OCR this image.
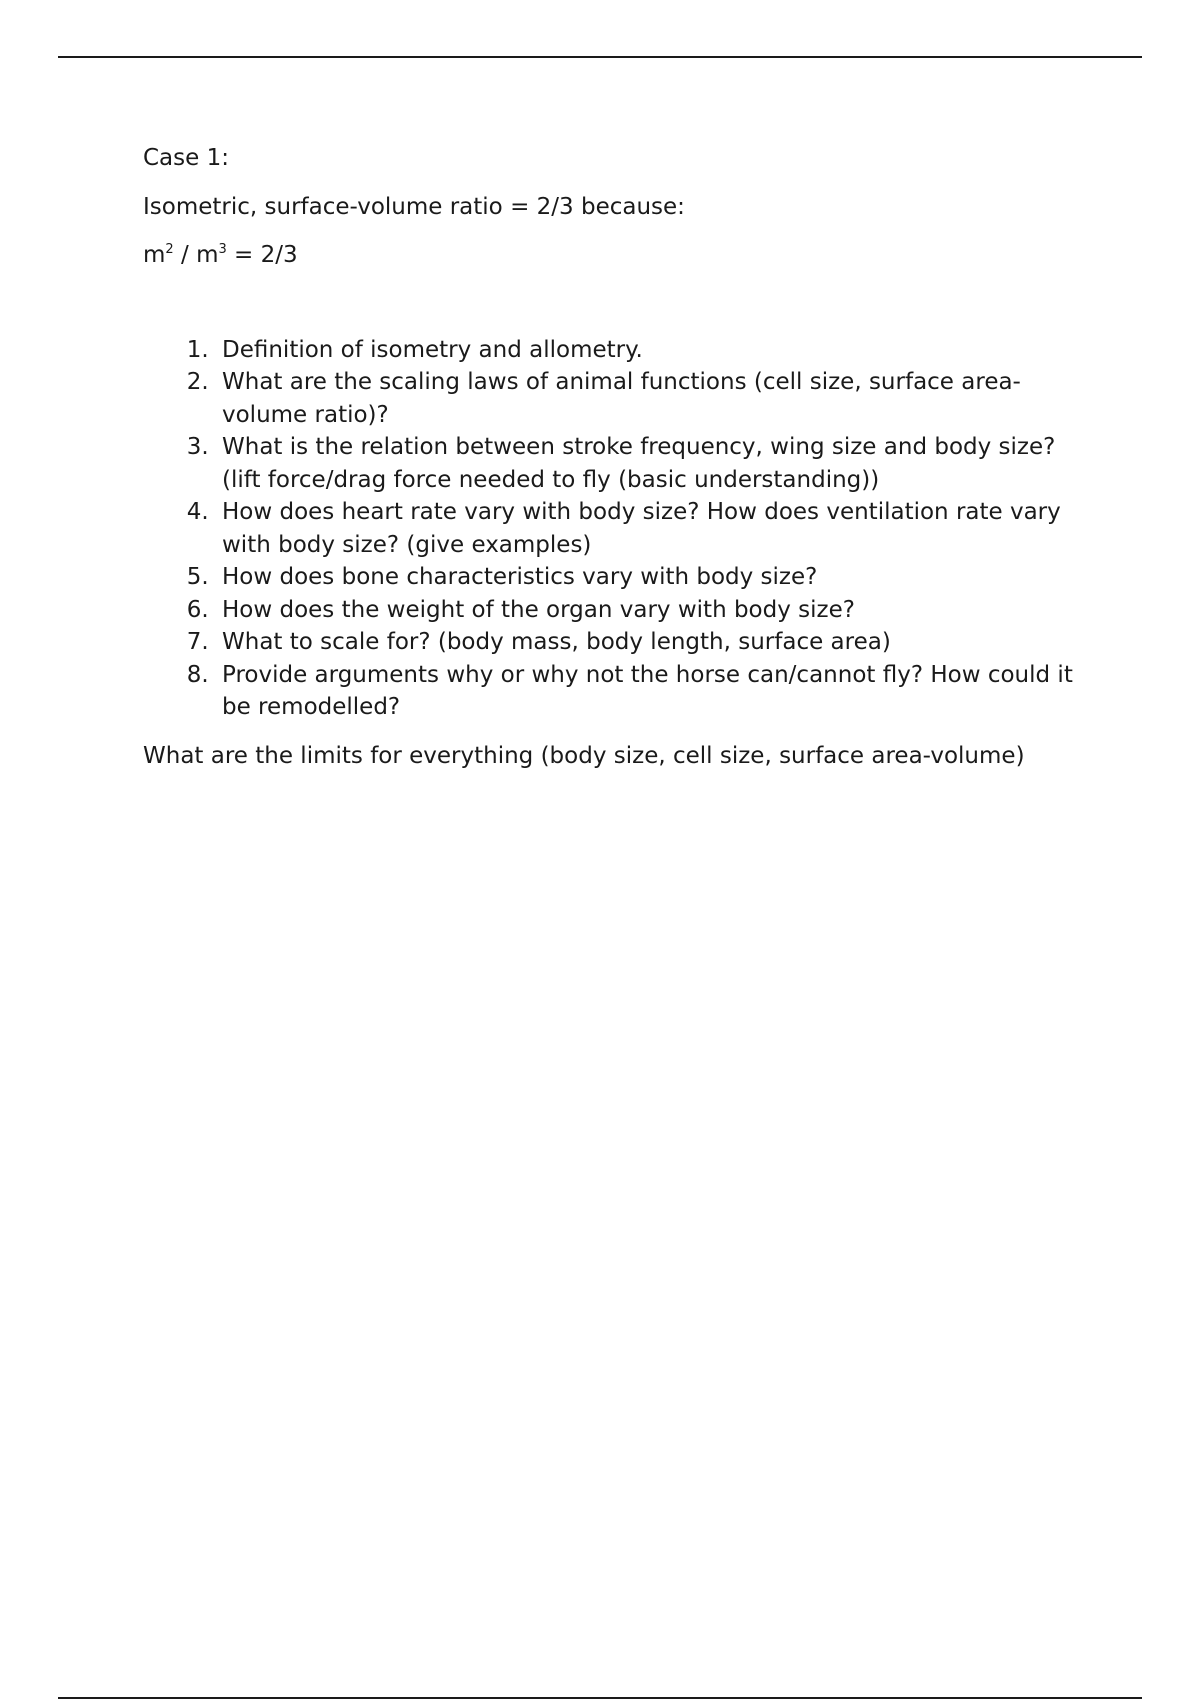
Case 1:

Isometric, surface-volume ratio = 2/3 because:

$m^2 / m^3 = 2/3$

1. Definition of isometry and allometry.
2. What are the scaling laws of animal functions (cell size, surface area-volume ratio)?
3. What is the relation between stroke frequency, wing size and body size? (lift force/drag force needed to fly (basic understanding))
4. How does heart rate vary with body size? How does ventilation rate vary with body size? (give examples)
5. How does bone characteristics vary with body size?
6. How does the weight of the organ vary with body size?
7. What to scale for? (body mass, body length, surface area)
8. Provide arguments why or why not the horse can/cannot fly? How could it be remodelled?

What are the limits for everything (body size, cell size, surface area-volume)
